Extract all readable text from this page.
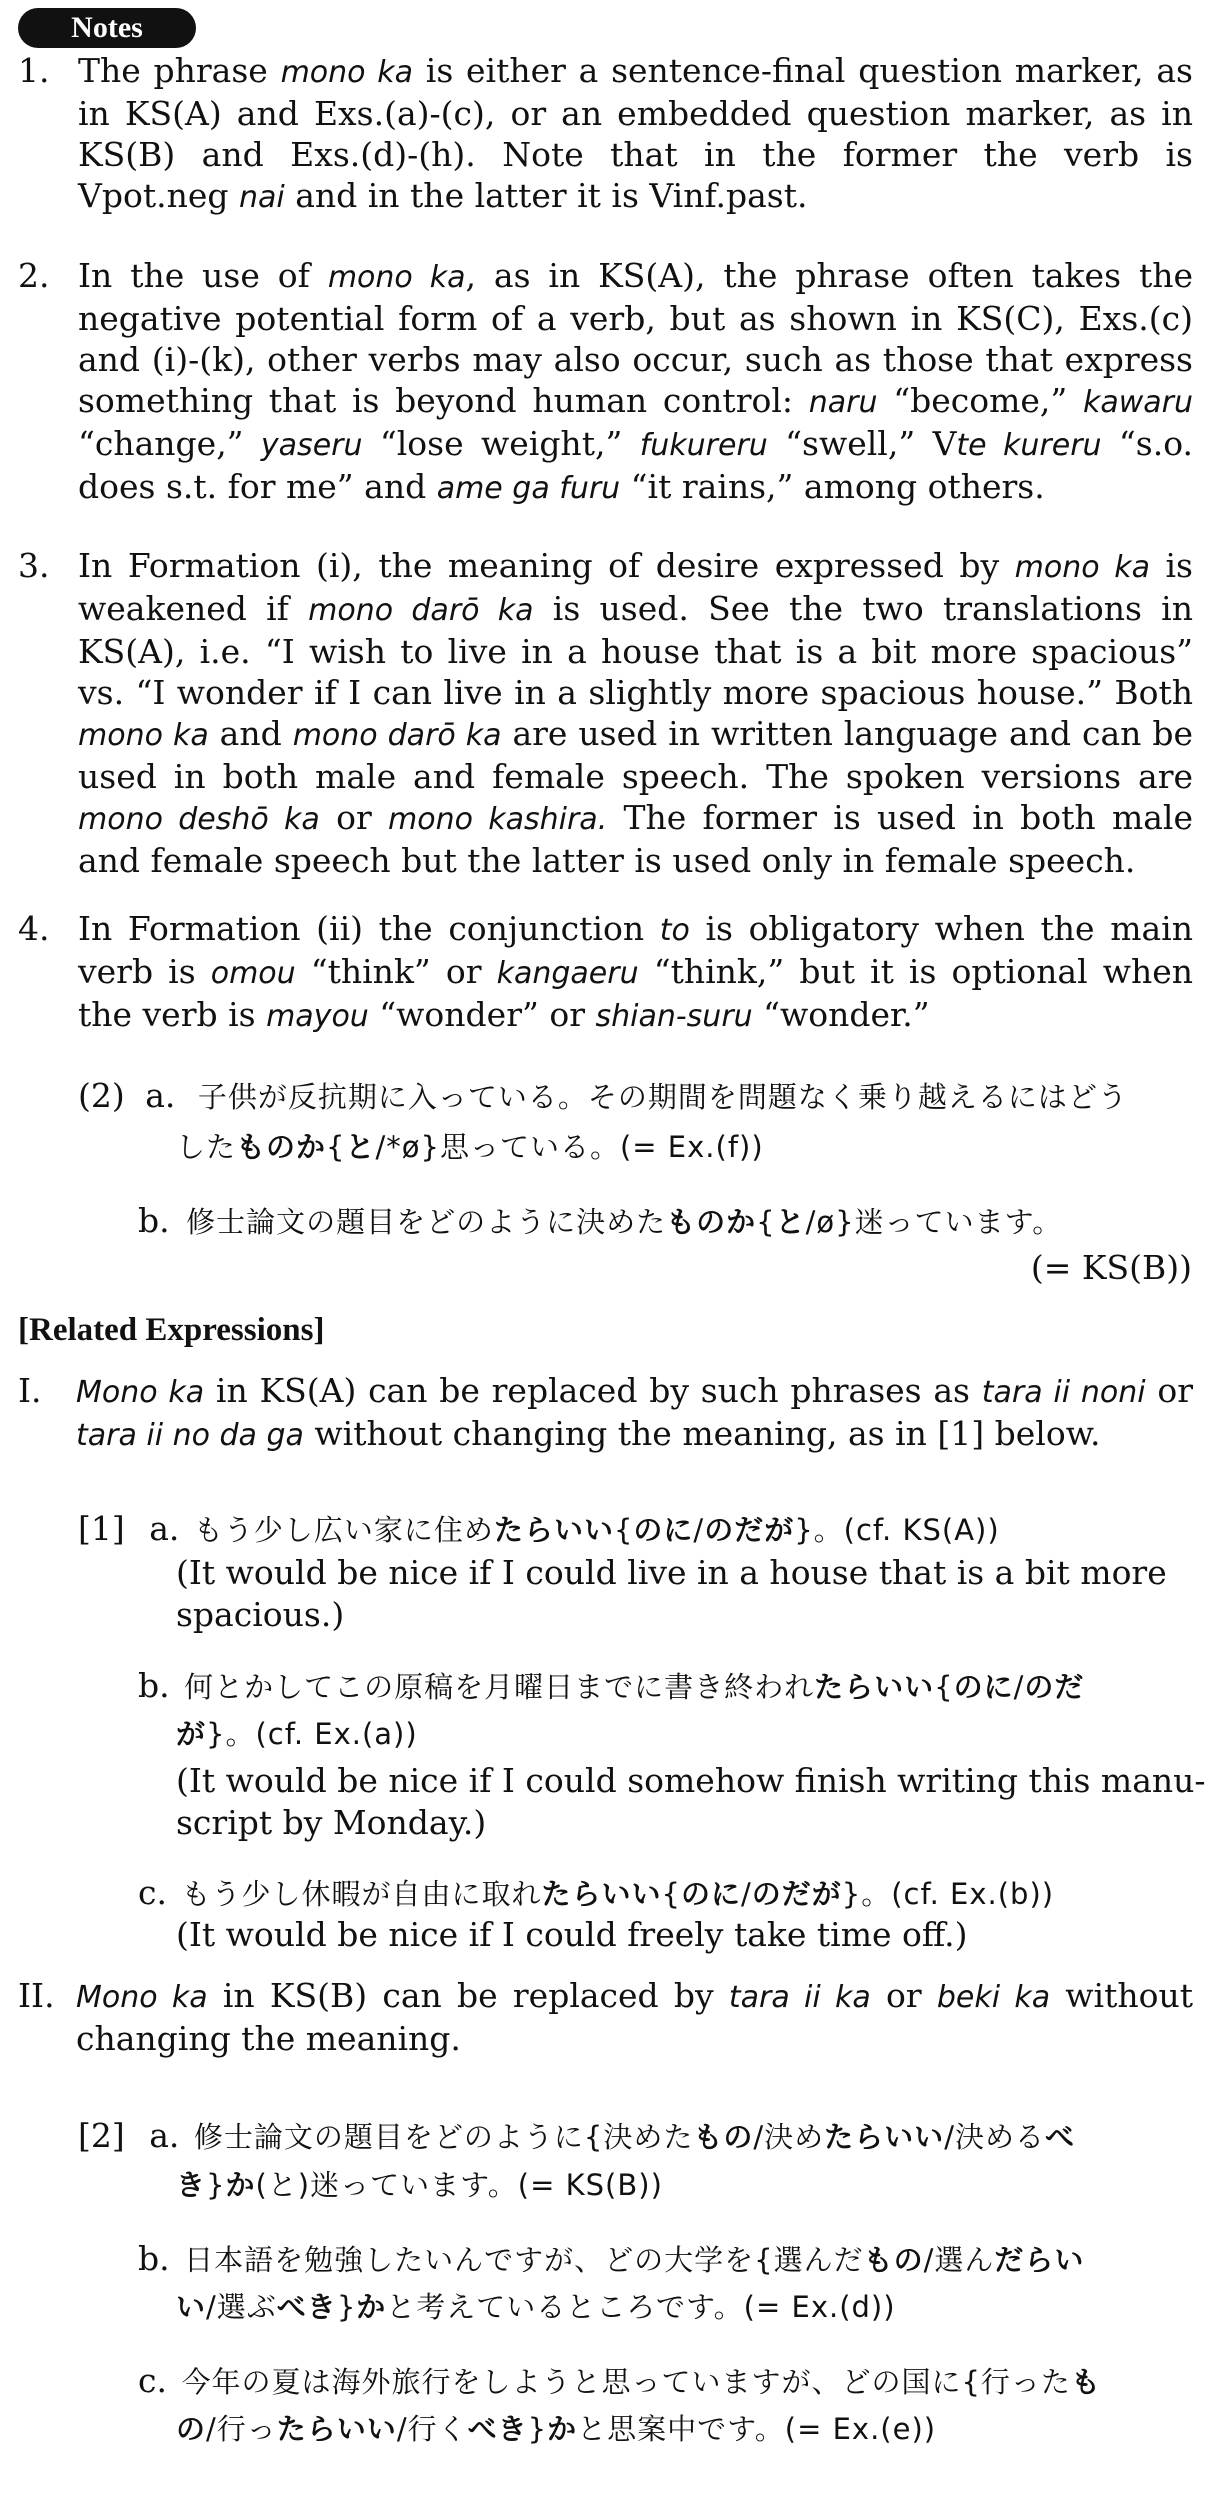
Notes
1. The phrase mono ka is either a sentence-final question marker, as in KS(A) and Exs.(a)-(c), or an embedded question marker, as in KS(B) and Exs.(d)-(h). Note that in the former the verb is Vpot.neg nai and in the latter it is Vinf.past.
2. In the use of mono ka, as in KS(A), the phrase often takes the negative potential form of a verb, but as shown in KS(C), Exs.(c) and (i)-(k), other verbs may also occur, such as those that express something that is beyond human control: naru “become,” kawaru “change,” yaseru “lose weight,” fukureru “swell,” Vte kureru “s.o. does s.t. for me” and ame ga furu “it rains,” among others.
3. In Formation (i), the meaning of desire expressed by mono ka is weakened if mono darō ka is used. See the two translations in KS(A), i.e. “I wish to live in a house that is a bit more spacious” vs. “I wonder if I can live in a slightly more spacious house.” Both mono ka and mono darō ka are used in written language and can be used in both male and female speech. The spoken versions are mono deshō ka or mono kashira. The former is used in both male and female speech but the latter is used only in female speech.
4. In Formation (ii) the conjunction to is obligatory when the main verb is omou “think” or kangaeru “think,” but it is optional when the verb is mayou “wonder” or shian-suru “wonder.”
(2) a. 子供が反抗期に入っている。その期間を問題なく乗り越えるにはどう
したものか{と/*ø}思っている。(= Ex.(f))
b. 修士論文の題目をどのように決めたものか{と/ø}迷っています。
(= KS(B))
[Related Expressions]
I. Mono ka in KS(A) can be replaced by such phrases as tara ii noni or tara ii no da ga without changing the meaning, as in [1] below.
[1] a. もう少し広い家に住めたらいい{のに/のだが}。(cf. KS(A))
(It would be nice if I could live in a house that is a bit more
spacious.)
b. 何とかしてこの原稿を月曜日までに書き終われたらいい{のに/のだ
が}。(cf. Ex.(a))
(It would be nice if I could somehow finish writing this manu-
script by Monday.)
c. もう少し休暇が自由に取れたらいい{のに/のだが}。(cf. Ex.(b))
(It would be nice if I could freely take time off.)
II. Mono ka in KS(B) can be replaced by tara ii ka or beki ka without changing the meaning.
[2] a. 修士論文の題目をどのように{決めたもの/決めたらいい/決めるべ
き}か(と)迷っています。(= KS(B))
b. 日本語を勉強したいんですが、どの大学を{選んだもの/選んだらい
い/選ぶべき}かと考えているところです。(= Ex.(d))
c. 今年の夏は海外旅行をしようと思っていますが、どの国に{行ったも
の/行ったらいい/行くべき}かと思案中です。(= Ex.(e))
